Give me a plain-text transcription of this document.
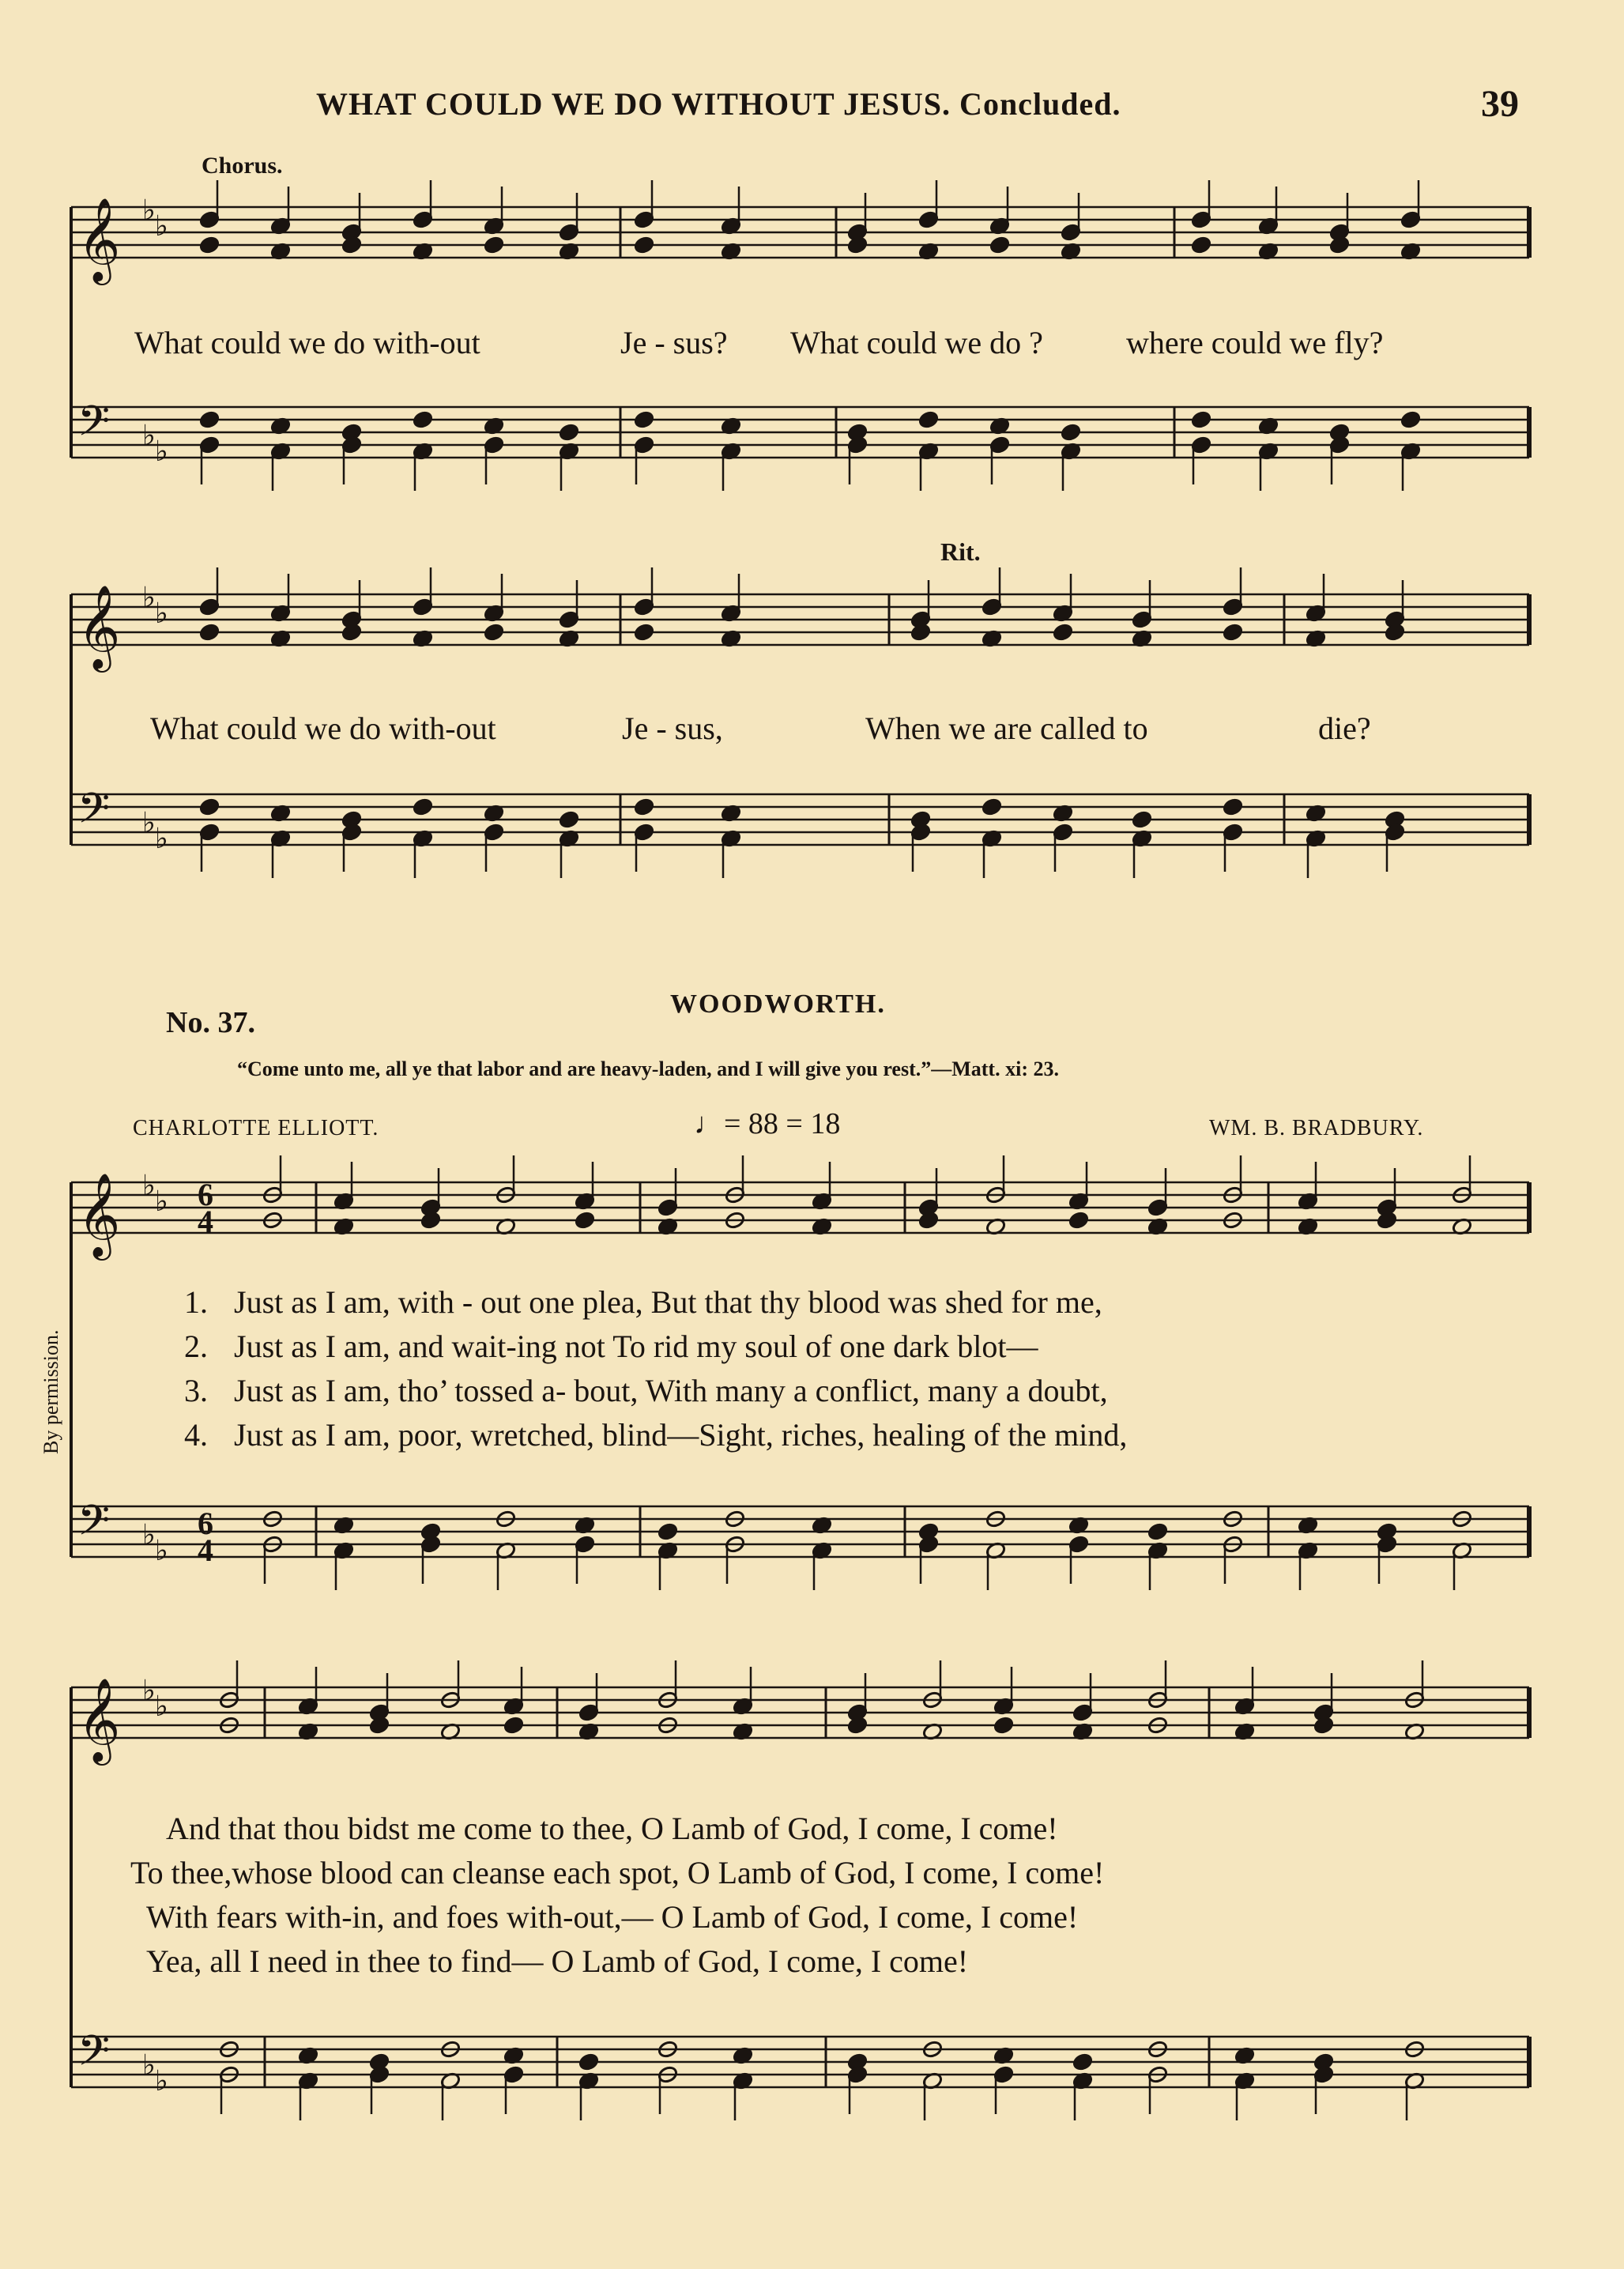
WHAT COULD WE DO WITHOUT JESUS. Concluded.	39
𝄞 ♭ ♭
𝄢 ♭ ♭
𝄞 ♭ ♭
𝄢 ♭ ♭
𝄞 ♭ ♭
𝄢 ♭ ♭
𝄞 ♭ ♭
𝄢 ♭ ♭
Chorus.
Rit.
What could we do with-out	Je - sus? What could we do ?	where could we fly?
What could we do with-out	Je - sus,	When we are called to	die?
No. 37.
WOODWORTH.
“Come unto me, all ye that labor and are heavy-laden, and I will give you rest.”—Matt. xi: 23.
CHARLOTTE ELLIOTT.	♩= 88 = 18	WM. B. BRADBURY.
By permission.
6
4
6
4
1. Just as I am, with - out one plea, But that thy blood was shed for me,
2. Just as I am, and wait-ing not To rid my soul of one dark blot—
3. Just as I am, tho’ tossed a- bout, With many a conflict, many a doubt,
4. Just as I am, poor, wretched, blind—Sight, riches, healing of the mind,
And that thou bidst me come to thee, O Lamb of God, I come, I come!
To thee,whose blood can cleanse each spot, O Lamb of God, I come, I come!
With fears with-in, and foes with-out,— O Lamb of God, I come, I come!
Yea, all I need in thee to find— O Lamb of God, I come, I come!
